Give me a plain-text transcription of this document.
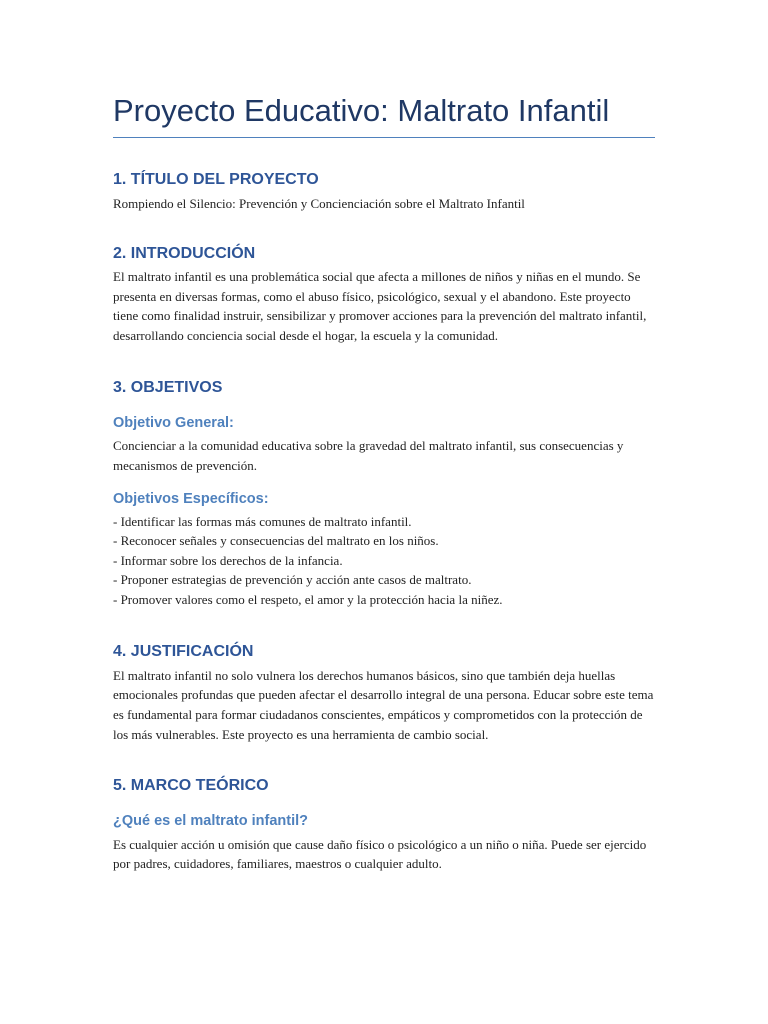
Proyecto Educativo: Maltrato Infantil
1. TÍTULO DEL PROYECTO

Rompiendo el Silencio: Prevención y Concienciación sobre el Maltrato Infantil

2. INTRODUCCIÓN

El maltrato infantil es una problemática social que afecta a millones de niños y niñas en el mundo. Se presenta en diversas formas, como el abuso físico, psicológico, sexual y el abandono. Este proyecto tiene como finalidad instruir, sensibilizar y promover acciones para la prevención del maltrato infantil, desarrollando conciencia social desde el hogar, la escuela y la comunidad.

3. OBJETIVOS
Objetivo General:

Concienciar a la comunidad educativa sobre la gravedad del maltrato infantil, sus consecuencias y mecanismos de prevención.

Objetivos Específicos:
- Identificar las formas más comunes de maltrato infantil.
- Reconocer señales y consecuencias del maltrato en los niños.
- Informar sobre los derechos de la infancia.
- Proponer estrategias de prevención y acción ante casos de maltrato.
- Promover valores como el respeto, el amor y la protección hacia la niñez.
4. JUSTIFICACIÓN

El maltrato infantil no solo vulnera los derechos humanos básicos, sino que también deja huellas emocionales profundas que pueden afectar el desarrollo integral de una persona. Educar sobre este tema es fundamental para formar ciudadanos conscientes, empáticos y comprometidos con la protección de los más vulnerables. Este proyecto es una herramienta de cambio social.

5. MARCO TEÓRICO
¿Qué es el maltrato infantil?

Es cualquier acción u omisión que cause daño físico o psicológico a un niño o niña. Puede ser ejercido por padres, cuidadores, familiares, maestros o cualquier adulto.
